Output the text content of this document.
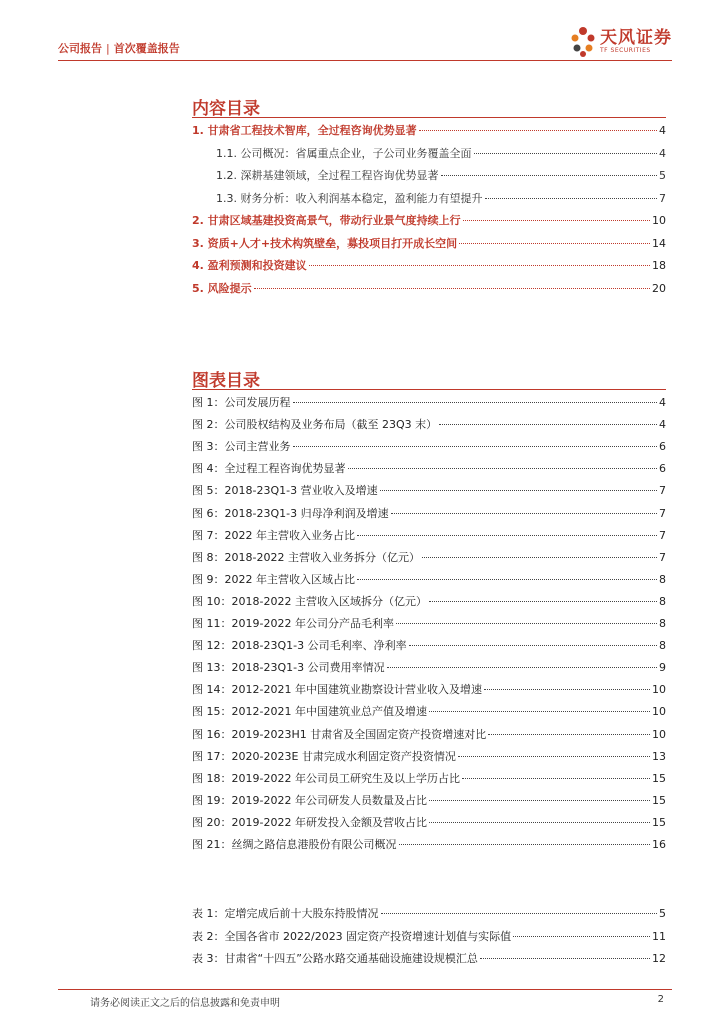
公司报告 | 首次覆盖报告
天风证券
TF SECURITIES
内容目录
1. 甘肃省工程技术智库，全过程咨询优势显著	4
1.1. 公司概况：省属重点企业，子公司业务覆盖全面	4
1.2. 深耕基建领域，全过程工程咨询优势显著	5
1.3. 财务分析：收入利润基本稳定，盈利能力有望提升	7
2. 甘肃区域基建投资高景气，带动行业景气度持续上行	10
3. 资质+人才+技术构筑壁垒，募投项目打开成长空间	14
4. 盈利预测和投资建议	18
5. 风险提示	20
图表目录
图 1：公司发展历程	4
图 2：公司股权结构及业务布局（截至 23Q3 末）	4
图 3：公司主营业务	6
图 4：全过程工程咨询优势显著	6
图 5：2018-23Q1-3 营业收入及增速	7
图 6：2018-23Q1-3 归母净利润及增速	7
图 7：2022 年主营收入业务占比	7
图 8：2018-2022 主营收入业务拆分（亿元）	7
图 9：2022 年主营收入区域占比	8
图 10：2018-2022 主营收入区域拆分（亿元）	8
图 11：2019-2022 年公司分产品毛利率	8
图 12：2018-23Q1-3 公司毛利率、净利率	8
图 13：2018-23Q1-3 公司费用率情况	9
图 14：2012-2021 年中国建筑业勘察设计营业收入及增速	10
图 15：2012-2021 年中国建筑业总产值及增速	10
图 16：2019-2023H1 甘肃省及全国固定资产投资增速对比	10
图 17：2020-2023E 甘肃完成水利固定资产投资情况	13
图 18：2019-2022 年公司员工研究生及以上学历占比	15
图 19：2019-2022 年公司研发人员数量及占比	15
图 20：2019-2022 年研发投入金额及营收占比	15
图 21：丝绸之路信息港股份有限公司概况	16
表 1：定增完成后前十大股东持股情况	5
表 2：全国各省市 2022/2023 固定资产投资增速计划值与实际值	11
表 3：甘肃省“十四五”公路水路交通基础设施建设规模汇总	12
请务必阅读正文之后的信息披露和免责申明	2
